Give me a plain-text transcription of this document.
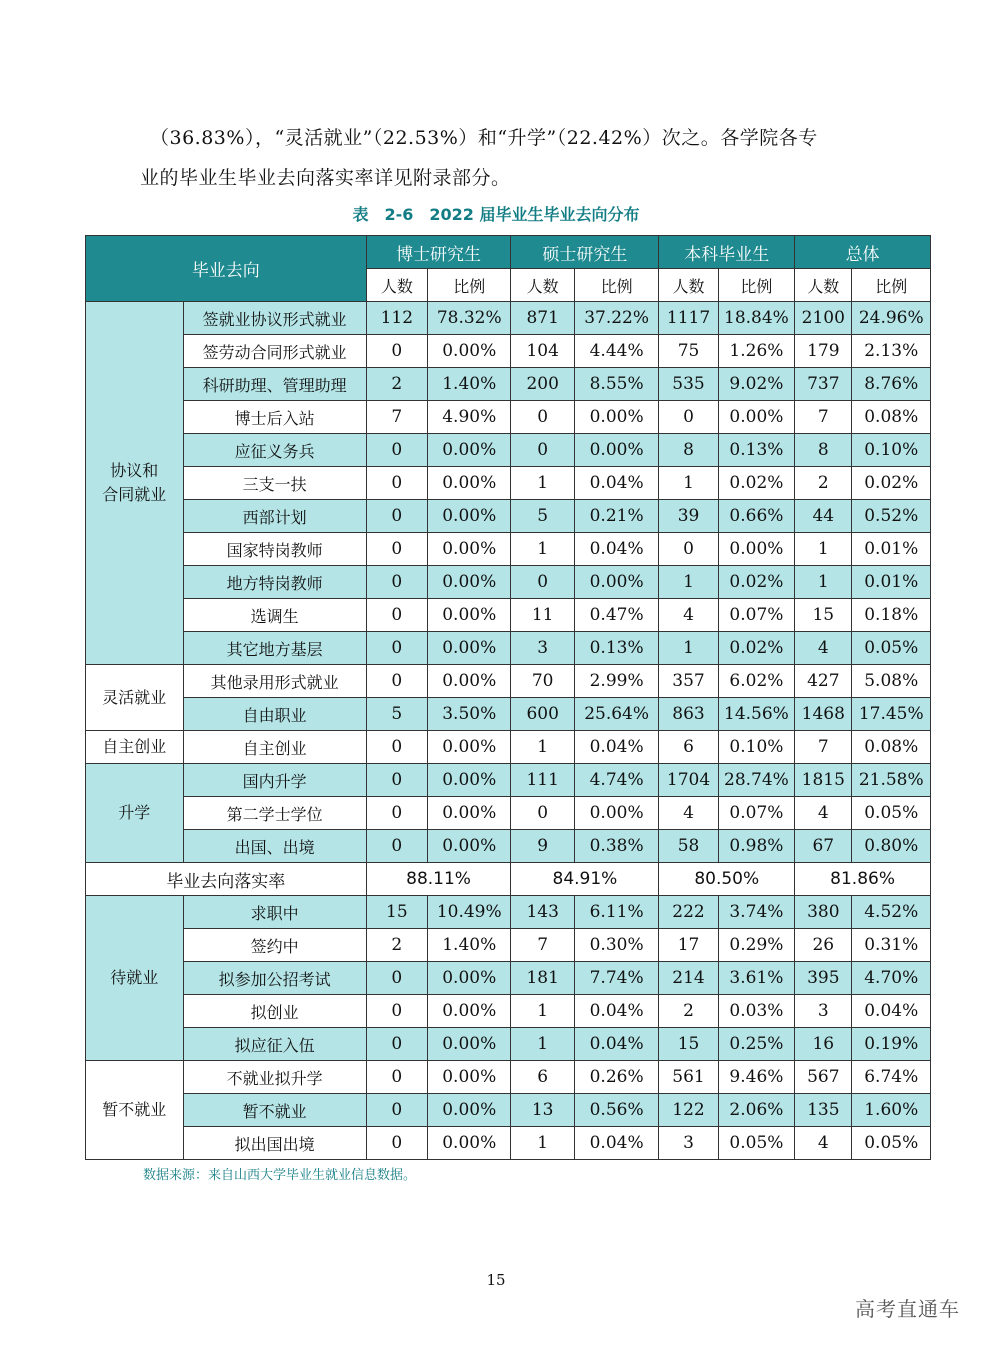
（36.83%），“灵活就业”（22.53%）和“升学”（22.42%）次之。各学院各专

业的毕业生毕业去向落实率详见附录部分。

表　2-6　2022 届毕业生毕业去向分布
毕业去向		博士研究生		硕士研究生		本科毕业生		总体	
		人数	比例	人数	比例	人数	比例	人数	比例
协议和
合同就业	签就业协议形式就业	112	78.32%	871	37.22%	1117	18.84%	2100	24.96%
	签劳动合同形式就业	0	0.00%	104	4.44%	75	1.26%	179	2.13%
	科研助理、管理助理	2	1.40%	200	8.55%	535	9.02%	737	8.76%
	博士后入站	7	4.90%	0	0.00%	0	0.00%	7	0.08%
	应征义务兵	0	0.00%	0	0.00%	8	0.13%	8	0.10%
	三支一扶	0	0.00%	1	0.04%	1	0.02%	2	0.02%
	西部计划	0	0.00%	5	0.21%	39	0.66%	44	0.52%
	国家特岗教师	0	0.00%	1	0.04%	0	0.00%	1	0.01%
	地方特岗教师	0	0.00%	0	0.00%	1	0.02%	1	0.01%
	选调生	0	0.00%	11	0.47%	4	0.07%	15	0.18%
	其它地方基层	0	0.00%	3	0.13%	1	0.02%	4	0.05%
灵活就业	其他录用形式就业	0	0.00%	70	2.99%	357	6.02%	427	5.08%
	自由职业	5	3.50%	600	25.64%	863	14.56%	1468	17.45%
自主创业	自主创业	0	0.00%	1	0.04%	6	0.10%	7	0.08%
升学	国内升学	0	0.00%	111	4.74%	1704	28.74%	1815	21.58%
	第二学士学位	0	0.00%	0	0.00%	4	0.07%	4	0.05%
	出国、出境	0	0.00%	9	0.38%	58	0.98%	67	0.80%
毕业去向落实率		88.11%		84.91%		80.50%		81.86%	
待就业	求职中	15	10.49%	143	6.11%	222	3.74%	380	4.52%
	签约中	2	1.40%	7	0.30%	17	0.29%	26	0.31%
	拟参加公招考试	0	0.00%	181	7.74%	214	3.61%	395	4.70%
	拟创业	0	0.00%	1	0.04%	2	0.03%	3	0.04%
	拟应征入伍	0	0.00%	1	0.04%	15	0.25%	16	0.19%
暂不就业	不就业拟升学	0	0.00%	6	0.26%	561	9.46%	567	6.74%
	暂不就业	0	0.00%	13	0.56%	122	2.06%	135	1.60%
	拟出国出境	0	0.00%	1	0.04%	3	0.05%	4	0.05%
数据来源：来自山西大学毕业生就业信息数据。
15
高考直通车
